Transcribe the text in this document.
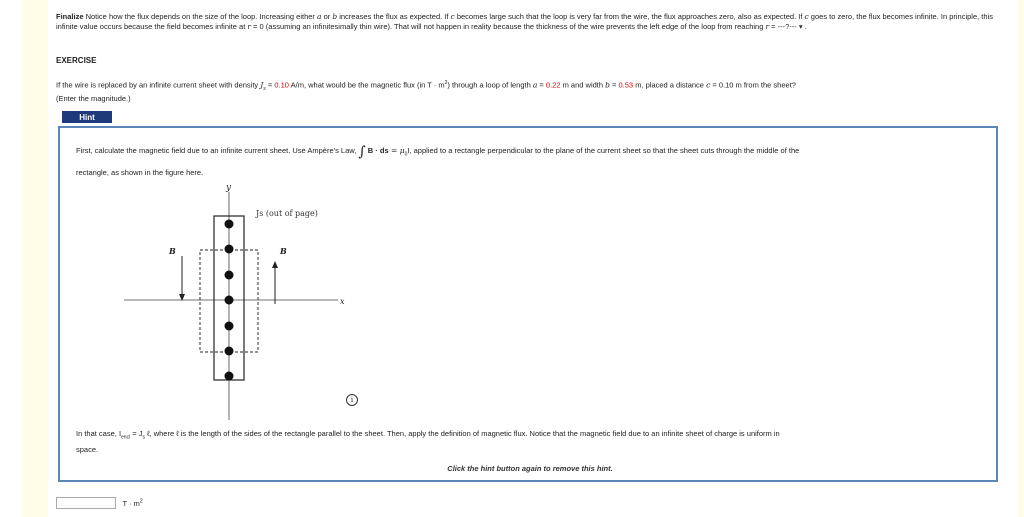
Finalize Notice how the flux depends on the size of the loop. Increasing either a or b increases the flux as expected. If c becomes large such that the loop is very far from the wire, the flux approaches zero, also as expected. If c goes to zero, the flux becomes infinite. In principle, this infinite value occurs because the field becomes infinite at r = 0 (assuming an infinitesimally thin wire). That will not happen in reality because the thickness of the wire prevents the left edge of the loop from reaching r = ---?--- ▾ .
EXERCISE
If the wire is replaced by an infinite current sheet with density $J_s = 0.10$ A/m, what would be the magnetic flux (in $T \cdot m^2$) through a loop of length a = 0.22 m and width b = 0.53 m, placed a distance c = 0.10 m from the sheet?
(Enter the magnitude.)
Hint
First, calculate the magnetic field due to an infinite current sheet. Use Ampère's Law, ∫ B · ds = $\mu_0I$, applied to a rectangle perpendicular to the plane of the current sheet so that the sheet cuts through the middle of the
rectangle, as shown in the figure here.
y
x
B	B
Js (out of page)
i
In that case, $I_{encl} = J_s$ ℓ, where ℓ is the length of the sides of the rectangle parallel to the sheet. Then, apply the definition of magnetic flux. Notice that the magnetic field due to an infinite sheet of charge is uniform in
space.
Click the hint button again to remove this hint.
$T \cdot m^2$
